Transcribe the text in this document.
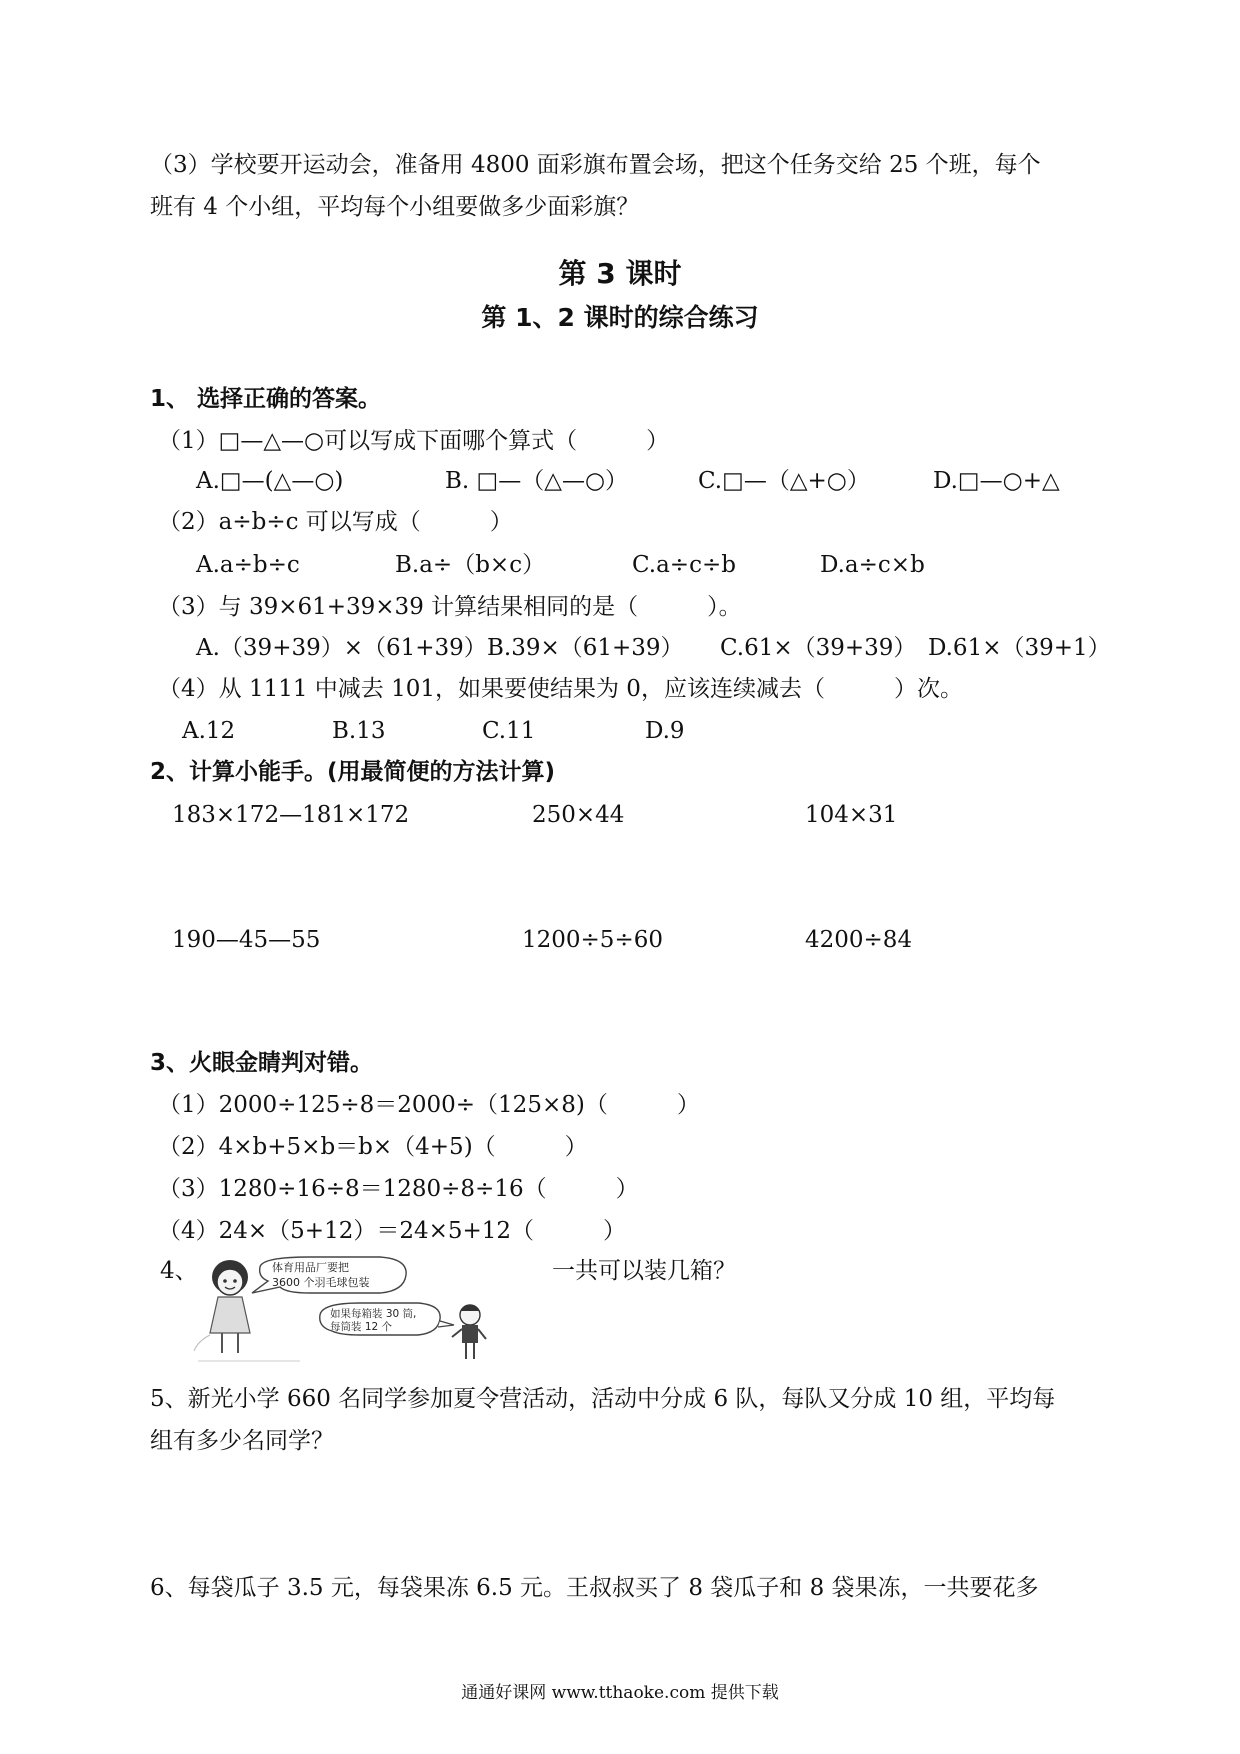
（3）学校要开运动会，准备用 4800 面彩旗布置会场，把这个任务交给 25 个班，每个
班有 4 个小组，平均每个小组要做多少面彩旗？
第 3 课时
第 1、2 课时的综合练习
1、 选择正确的答案。
（1）□—△—○可以写成下面哪个算式（　　　）
A.□—(△—○)	B. □—（△—○）	C.□—（△+○）	D.□—○+△
（2）a÷b÷c 可以写成（　　　）
A.a÷b÷c	B.a÷（b×c）	C.a÷c÷b	D.a÷c×b
（3）与 39×61+39×39 计算结果相同的是（　　　）。
A.（39+39）×（61+39） B.39×（61+39） C.61×（39+39） D.61×（39+1）
（4）从 1111 中减去 101，如果要使结果为 0，应该连续减去（　　　）次。
A.12	B.13	C.11	D.9
2、计算小能手。(用最简便的方法计算)
183×172—181×172	250×44	104×31
190—45—55	1200÷5÷60	4200÷84
3、火眼金睛判对错。
（1）2000÷125÷8＝2000÷（125×8)（　　　）
（2）4×b+5×b＝b×（4+5)（　　　）
（3）1280÷16÷8＝1280÷8÷16（　　　）
（4）24×（5+12）＝24×5+12（　　　）
4、	体育用品厂要把
3600 个羽毛球包装
如果每箱装 30 筒,
每筒装 12 个
一共可以装几箱？
5、新光小学 660 名同学参加夏令营活动，活动中分成 6 队，每队又分成 10 组，平均每
组有多少名同学？
6、每袋瓜子 3.5 元，每袋果冻 6.5 元。王叔叔买了 8 袋瓜子和 8 袋果冻，一共要花多
通通好课网 www.tthaoke.com 提供下载
